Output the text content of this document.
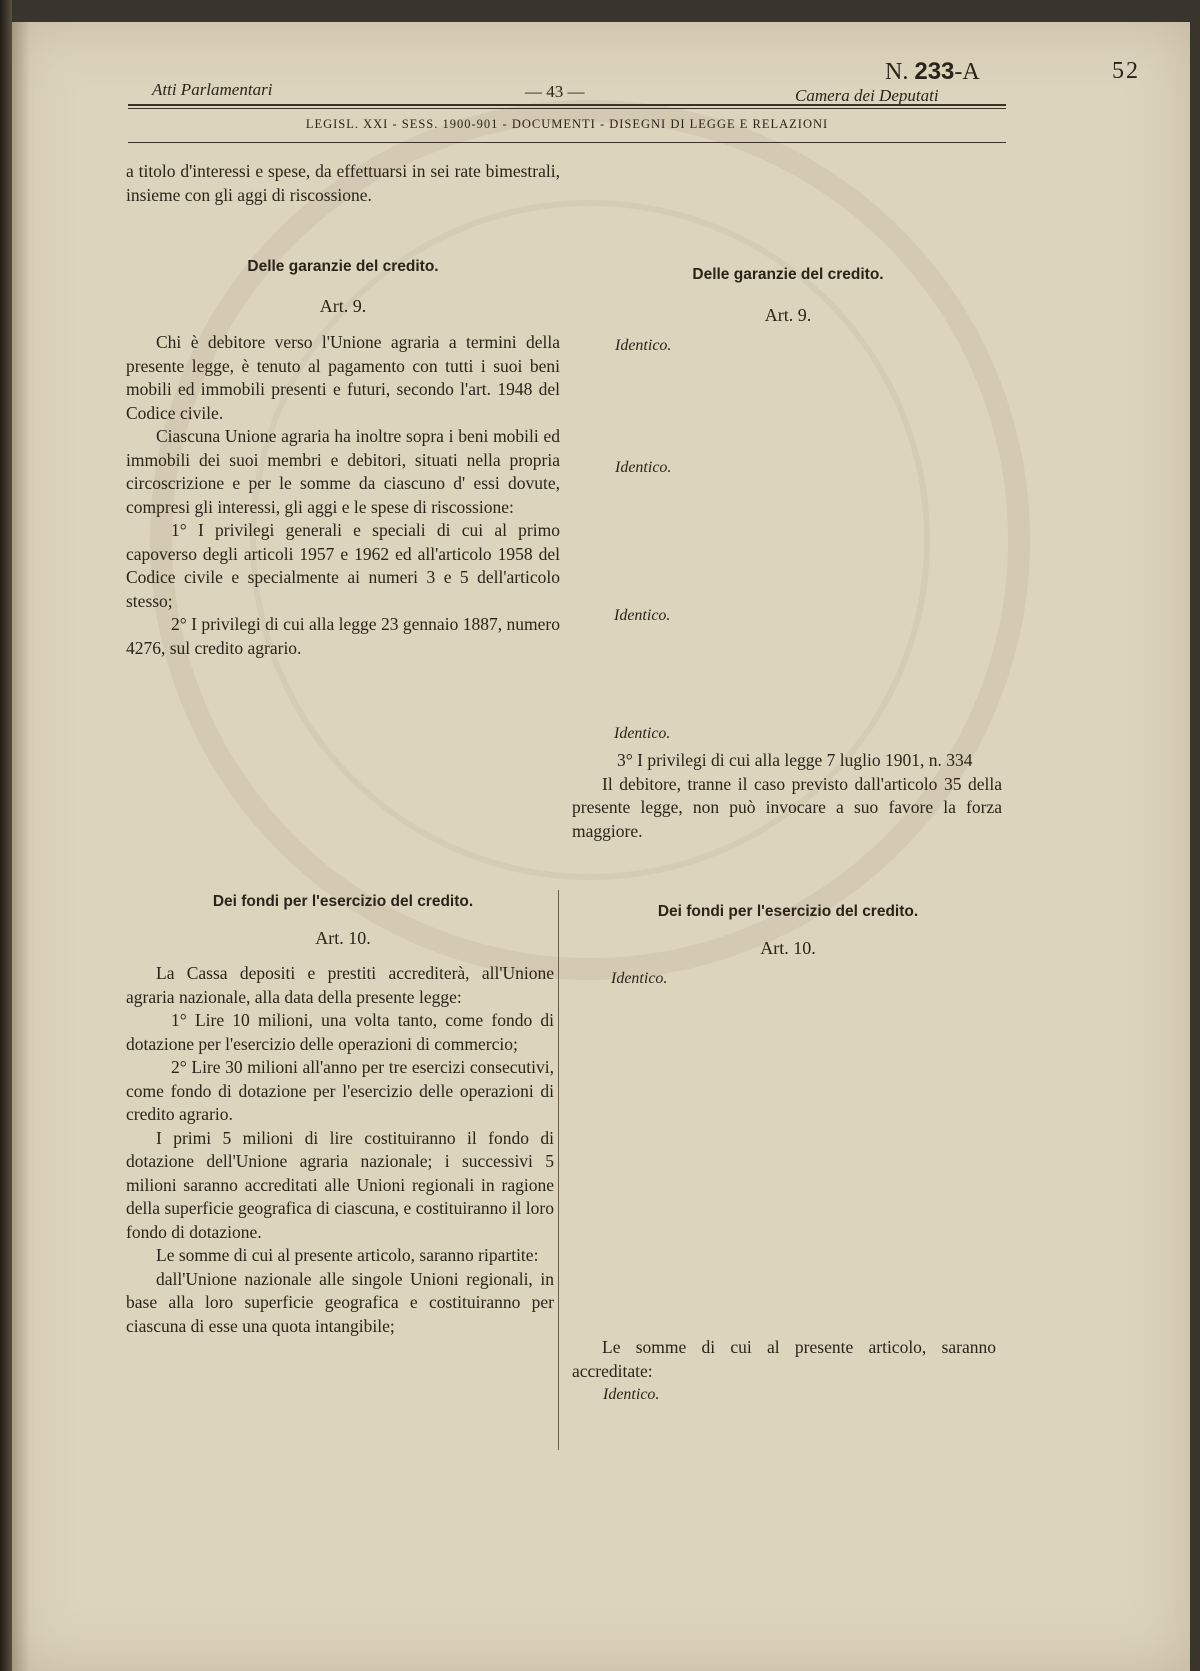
Atti Parlamentari	— 43 —	Camera dei Deputati
N. 233-A	52
LEGISL. XXI - SESS. 1900-901 - DOCUMENTI - DISEGNI DI LEGGE E RELAZIONI

a titolo d'interessi e spese, da effettuarsi in sei rate bimestrali, insieme con gli aggi di riscossione.

Delle garanzie del credito.

Art. 9.

Chi è debitore verso l'Unione agraria a termini della presente legge, è tenuto al pagamento con tutti i suoi beni mobili ed immobili presenti e futuri, secondo l'art. 1948 del Codice civile.

Ciascuna Unione agraria ha inoltre sopra i beni mobili ed immobili dei suoi membri e debitori, situati nella propria circoscrizione e per le somme da ciascuno d' essi dovute, compresi gli interessi, gli aggi e le spese di riscossione:

1° I privilegi generali e speciali di cui al primo capoverso degli articoli 1957 e 1962 ed all'articolo 1958 del Codice civile e specialmente ai numeri 3 e 5 dell'articolo stesso;

2° I privilegi di cui alla legge 23 gennaio 1887, numero 4276, sul credito agrario.

Dei fondi per l'esercizio del credito.

Art. 10.

La Cassa depositi e prestiti accrediterà, all'Unione agraria nazionale, alla data della presente legge:

1° Lire 10 milioni, una volta tanto, come fondo di dotazione per l'esercizio delle operazioni di commercio;

2° Lire 30 milioni all'anno per tre esercizi consecutivi, come fondo di dotazione per l'esercizio delle operazioni di credito agrario.

I primi 5 milioni di lire costituiranno il fondo di dotazione dell'Unione agraria nazionale; i successivi 5 milioni saranno accreditati alle Unioni regionali in ragione della superficie geografica di ciascuna, e costituiranno il loro fondo di dotazione.

Le somme di cui al presente articolo, saranno ripartite:

dall'Unione nazionale alle singole Unioni regionali, in base alla loro superficie geografica e costituiranno per ciascuna di esse una quota intangibile;

Delle garanzie del credito.

Art. 9.

Identico.

Identico.

Identico.

Identico.

3° I privilegi di cui alla legge 7 luglio 1901, n. 334

Il debitore, tranne il caso previsto dall'articolo 35 della presente legge, non può invocare a suo favore la forza maggiore.

Dei fondi per l'esercizio del credito.

Art. 10.

Identico.

Le somme di cui al presente articolo, saranno accreditate:

Identico.
